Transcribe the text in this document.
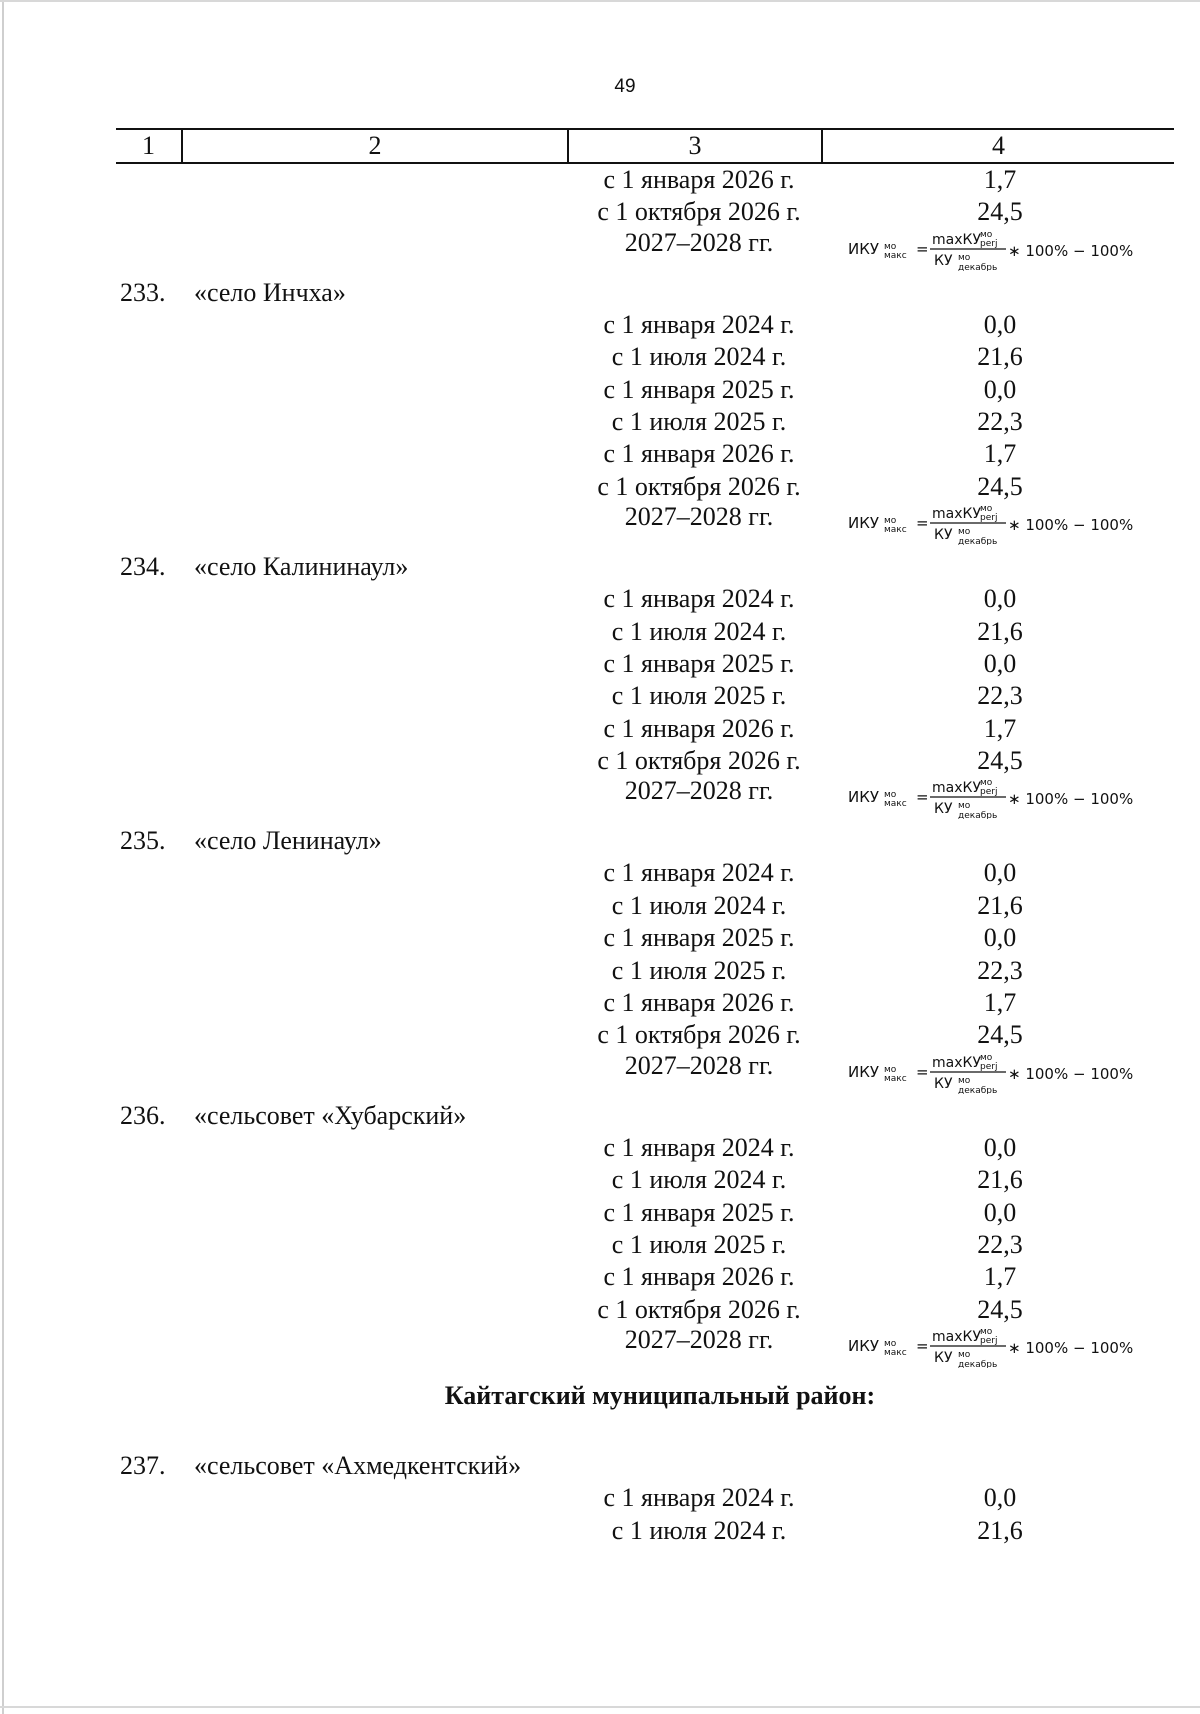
49
1	2	3	4
с 1 января 2026 г.	1,7
с 1 октября 2026 г.	24,5
2027–2028 гг.	ИКУ мо
макс = maxКУ мо
perj
КУ мо
декабрь
∗ 100% − 100%
233. «село Инчха»
с 1 января 2024 г.	0,0
с 1 июля 2024 г.	21,6
с 1 января 2025 г.	0,0
с 1 июля 2025 г.	22,3
с 1 января 2026 г.	1,7
с 1 октября 2026 г.	24,5
2027–2028 гг.	ИКУ мо
макс = maxКУ мо
perj
КУ мо
декабрь
∗ 100% − 100%
234. «село Калининаул»
с 1 января 2024 г.	0,0
с 1 июля 2024 г.	21,6
с 1 января 2025 г.	0,0
с 1 июля 2025 г.	22,3
с 1 января 2026 г.	1,7
с 1 октября 2026 г.	24,5
2027–2028 гг.	ИКУ мо
макс = maxКУ мо
perj
КУ мо
декабрь
∗ 100% − 100%
235. «село Ленинаул»
с 1 января 2024 г.	0,0
с 1 июля 2024 г.	21,6
с 1 января 2025 г.	0,0
с 1 июля 2025 г.	22,3
с 1 января 2026 г.	1,7
с 1 октября 2026 г.	24,5
2027–2028 гг.	ИКУ мо
макс = maxКУ мо
perj
КУ мо
декабрь
∗ 100% − 100%
236. «сельсовет «Хубарский»
с 1 января 2024 г.	0,0
с 1 июля 2024 г.	21,6
с 1 января 2025 г.	0,0
с 1 июля 2025 г.	22,3
с 1 января 2026 г.	1,7
с 1 октября 2026 г.	24,5
2027–2028 гг.	ИКУ мо
макс = maxКУ мо
perj
КУ мо
декабрь
∗ 100% − 100%
Кайтагский муниципальный район:
237. «сельсовет «Ахмедкентский»
с 1 января 2024 г.	0,0
с 1 июля 2024 г.	21,6
